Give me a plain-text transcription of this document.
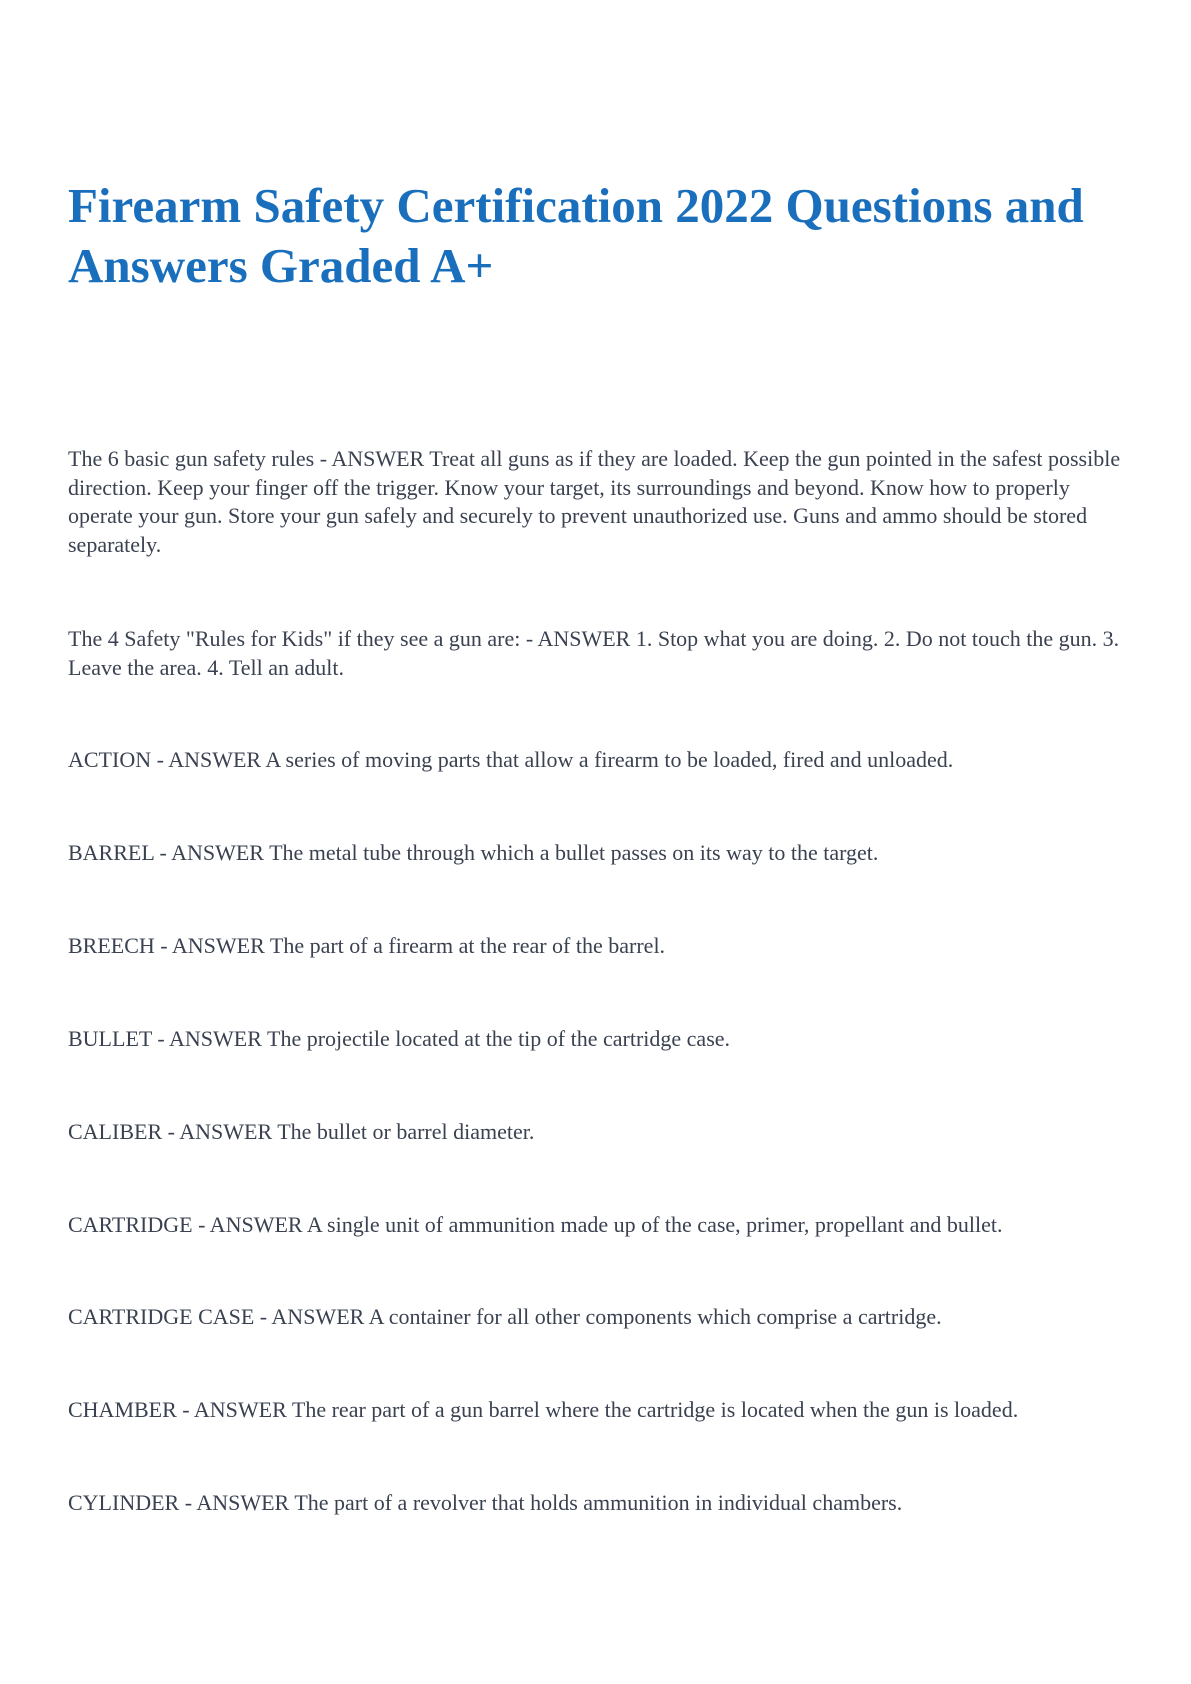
Firearm Safety Certification 2022 Questions and Answers Graded A+

The 6 basic gun safety rules - ANSWER Treat all guns as if they are loaded. Keep the gun pointed in the safest possible direction. Keep your finger off the trigger. Know your target, its surroundings and beyond. Know how to properly operate your gun. Store your gun safely and securely to prevent unauthorized use. Guns and ammo should be stored separately.

The 4 Safety "Rules for Kids" if they see a gun are: - ANSWER 1. Stop what you are doing. 2. Do not touch the gun. 3. Leave the area. 4. Tell an adult.

ACTION - ANSWER A series of moving parts that allow a firearm to be loaded, fired and unloaded.

BARREL - ANSWER The metal tube through which a bullet passes on its way to the target.

BREECH - ANSWER The part of a firearm at the rear of the barrel.

BULLET - ANSWER The projectile located at the tip of the cartridge case.

CALIBER - ANSWER The bullet or barrel diameter.

CARTRIDGE - ANSWER A single unit of ammunition made up of the case, primer, propellant and bullet.

CARTRIDGE CASE - ANSWER A container for all other components which comprise a cartridge.

CHAMBER - ANSWER The rear part of a gun barrel where the cartridge is located when the gun is loaded.

CYLINDER - ANSWER The part of a revolver that holds ammunition in individual chambers.
